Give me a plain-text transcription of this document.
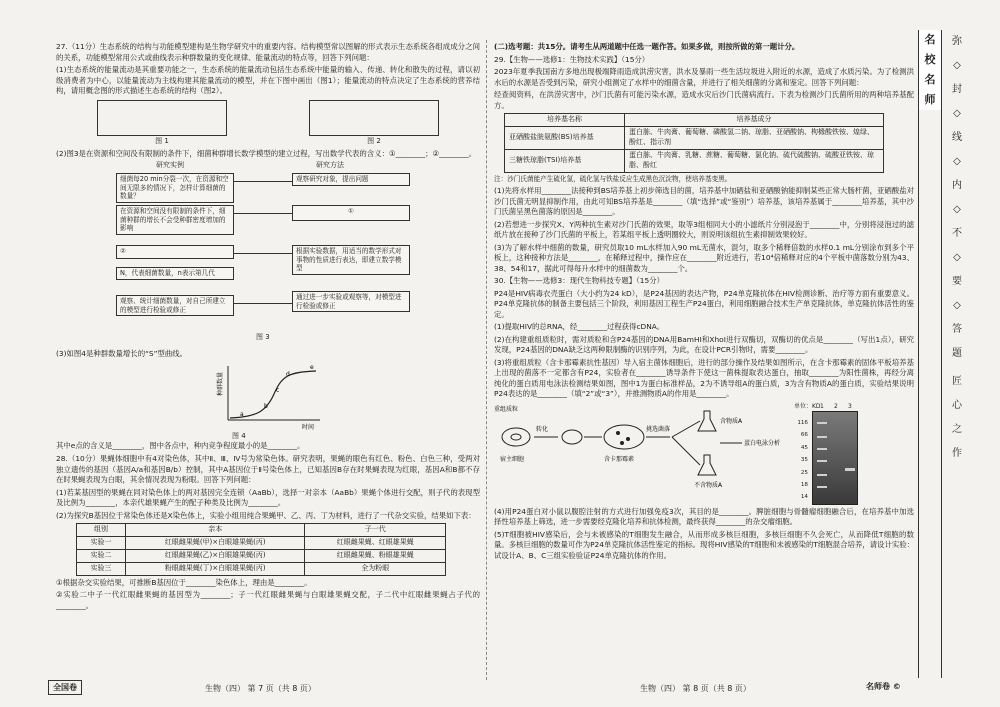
27.（11分）生态系统的结构与功能模型建构是生物学研究中的重要内容。结构模型常以图解的形式表示生态系统各组成成分之间的关系，功能模型常用公式或曲线表示种群数量的变化规律、能量流动的特点等，回答下列问题：

(1)生态系统的能量流动是其重要功能之一，生态系统的能量流动包括生态系统中能量的输入、传递、转化和散失的过程，请以初级消费者为中心，以能量流动为主线构建其能量流动的模型，并在下图中画出（图1）；能量流动的特点决定了生态系统的营养结构，请用概念图的形式描述生态系统的结构（图2）。

图 1	图 2

(2)图3是在资源和空间没有限制的条件下，细菌种群增长数学模型的建立过程，写出数学代表的含义：①________；②________。

研究实例	研究方法
细菌每20 min分裂一次，在资源和空间无限多的情况下，怎样计算细菌的数量？
在资源和空间没有限制的条件下，细菌种群的增长不会受种群密度增加的影响
②
N，代表细菌数量，n表示第几代
观察、统计细菌数量，对自己所建立的模型进行检验或修正
观察研究对象，提出问题
①
根据实验数据，用适当的数学形式对事物的性质进行表达，即建立数学模型
通过进一步实验或观察等，对模型进行检验或修正
图 3

(3)如图4是种群数量增长的“S”型曲线。

种群数量
时间
a
b
c
d
e
图 4

其中e点的含义是________，图中各点中，种内竞争程度最小的是________。

28.（10分）果蝇体细胞中有4对染色体，其中Ⅱ、Ⅲ、Ⅳ号为常染色体。研究表明，果蝇的眼色有红色、粉色、白色三种，受两对独立遗传的基因（基因A/a和基因B/b）控制，其中A基因位于Ⅱ号染色体上，已知基因B存在时果蝇表现为红眼，基因A和B都不存在时果蝇表现为白眼，其余情况表现为粉眼。回答下列问题：

(1)若某基因型的果蝇在同对染色体上的两对基因完全连锁（AaBb），选择一对亲本（AaBb）果蝇个体进行交配，则子代的表现型及比例为________，本亲代雄果蝇产生的配子种类及比例为________。

(2)为探究B基因位于常染色体还是X染色体上，实验小组用纯合果蝇甲、乙、丙、丁为材料，进行了一代杂交实验，结果如下表：

组别	亲本	子一代
实验一	红眼雌果蝇(甲)×白眼雄果蝇(丙)	红眼雌果蝇、红眼雄果蝇
实验二	红眼雌果蝇(乙)×白眼雄果蝇(丙)	红眼雌果蝇、粉眼雄果蝇
实验三	粉眼雌果蝇(丁)×白眼雄果蝇(丙)	全为粉眼

①根据杂交实验结果，可推断B基因位于________染色体上，理由是________。

②实验二中子一代红眼雌果蝇的基因型为________；子一代红眼雌果蝇与白眼雄果蝇交配，子二代中红眼雌果蝇占子代的________。

(二)选考题：共15分。请考生从两道题中任选一题作答。如果多做，则按所做的第一题计分。

29.【生物——选修1：生物技术实践】（15分）

2023年夏季我国南方多地出现极端降雨造成洪涝灾害，洪水及暴雨一些生活垃圾进入附近的水源，造成了水质污染。为了检测洪水后的水源是否受到污染，研究小组测定了水样中的细菌含量，并进行了相关细菌的分离和鉴定。回答下列问题：

经查阅资料，在洪涝灾害中，沙门氏菌有可能污染水源，造成水灾后沙门氏菌病流行。下表为检测沙门氏菌所用的两种培养基配方。

培养基名称	培养基成分
亚硒酸盐胱氨酸(BS)培养基	蛋白胨、牛肉膏、葡萄糖、磷酸氢二钠、琼脂、亚硒酸钠、枸橼酸铁铵、煌绿、酚红、指示剂
三糖铁琼脂(TSI)培养基	蛋白胨、牛肉膏、乳糖、蔗糖、葡萄糖、氯化钠、硫代硫酸钠、硫酸亚铁铵、琼脂、酚红

注：沙门氏菌能产生硫化氢，硫化氢与铁盐反应生成黑色沉淀物，使培养基变黑。

(1)先将水样用________法接种到BS培养基上初步筛选目的菌，培养基中加硒盐和亚硒酸钠能抑制某些正常大肠杆菌，亚硒酸盐对沙门氏菌无明显抑制作用，由此可知BS培养基是________（填“选择”或“鉴别”）培养基，该培养基属于________培养基，其中沙门氏菌呈黑色菌落的原因是________。

(2)若想进一步探究X、Y两种抗生素对沙门氏菌的效果，取等3组相同大小的小滤纸片分别浸泡于________中，分别将浸泡过的滤纸片放在接种了沙门氏菌的平板上，若某组平板上透明圈较大，则说明该组抗生素抑制效果较好。

(3)为了解水样中细菌的数量，研究员取10 mL水样加入90 mL无菌水，混匀，取多个稀释倍数的水样0.1 mL分别涂布到多个平板上，这种接种方法是________，在稀释过程中，操作应在________附近进行，若10⁴倍稀释对应的4个平板中菌落数分别为43、38、54和17，据此可得每升水样中的细菌数为________个。

30.【生物——选修3：现代生物科技专题】（15分）

P24是HIV病毒衣壳蛋白（大小约为24 kD），是P24基因的表达产物，P24单克隆抗体在HIV检测诊断、治疗等方面有重要意义。P24单克隆抗体的制备主要包括三个阶段，利用基因工程生产P24蛋白，利用细胞融合技术生产单克隆抗体，单克隆抗体活性的鉴定。

(1)提取HIV的总RNA，经________过程获得cDNA。

(2)在构建重组质粒时，需对质粒和含P24基因的DNA用BamHⅠ和XhoⅠ进行双酶切，双酶切的优点是________（写出1点），研究发现，P24基因的DNA缺乏这两种限制酶的识别序列，为此，在设计PCR引物时，需要________。

(3)将重组质粒（含卡那霉素抗性基因）导入宿主菌体细胞后，进行的部分操作及结果如图所示，在含卡那霉素的固体平板培养基上出现的菌落不一定都含有P24，实验者在________诱导条件下使这一菌株提取表达蛋白，抽取________为阳性菌株，再经分离纯化的蛋白质用电泳法检测结果如图，图中1为蛋白标准样品，2为不诱导组A的蛋白质，3为含有物质A的蛋白质，实验结果说明P24表达的是________（填“2”或“3”），并推测物质A的作用是________。

宿主细胞
转化
含卡那霉素
挑选菌落
含物质A
不含物质A
蛋白电泳分析
重组质粒	单位：KD 1 2 3
116
66
45
35
25
18
14

(4)用P24蛋白对小鼠以腹腔注射的方式进行加强免疫3次，其目的是________。脾脏细胞与骨髓瘤细胞融合后，在培养基中加选择性培养基上筛选，进一步需要经克隆化培养和抗体检测，最终获得________的杂交瘤细胞。

(5)T细胞被HIV感染后，会与未被感染的T细胞发生融合，从而形成多核巨细胞，多核巨细胞不久会死亡，从而降低T细胞的数量。多核巨细胞的数量可作为P24单克隆抗体活性鉴定的指标。现将HIV感染的T细胞和未被感染的T细胞混合培养，请设计实验：试设计A、B、C三组实验验证P24单克隆抗体的作用。

全国卷	生物（四） 第 7 页（共 8 页）	生物（四） 第 8 页（共 8 页）	名师卷 ©
名
校
名
师
弥
◇
封
◇
线
◇
内
◇
不
◇
要
◇
答
题
匠
心
之
作
